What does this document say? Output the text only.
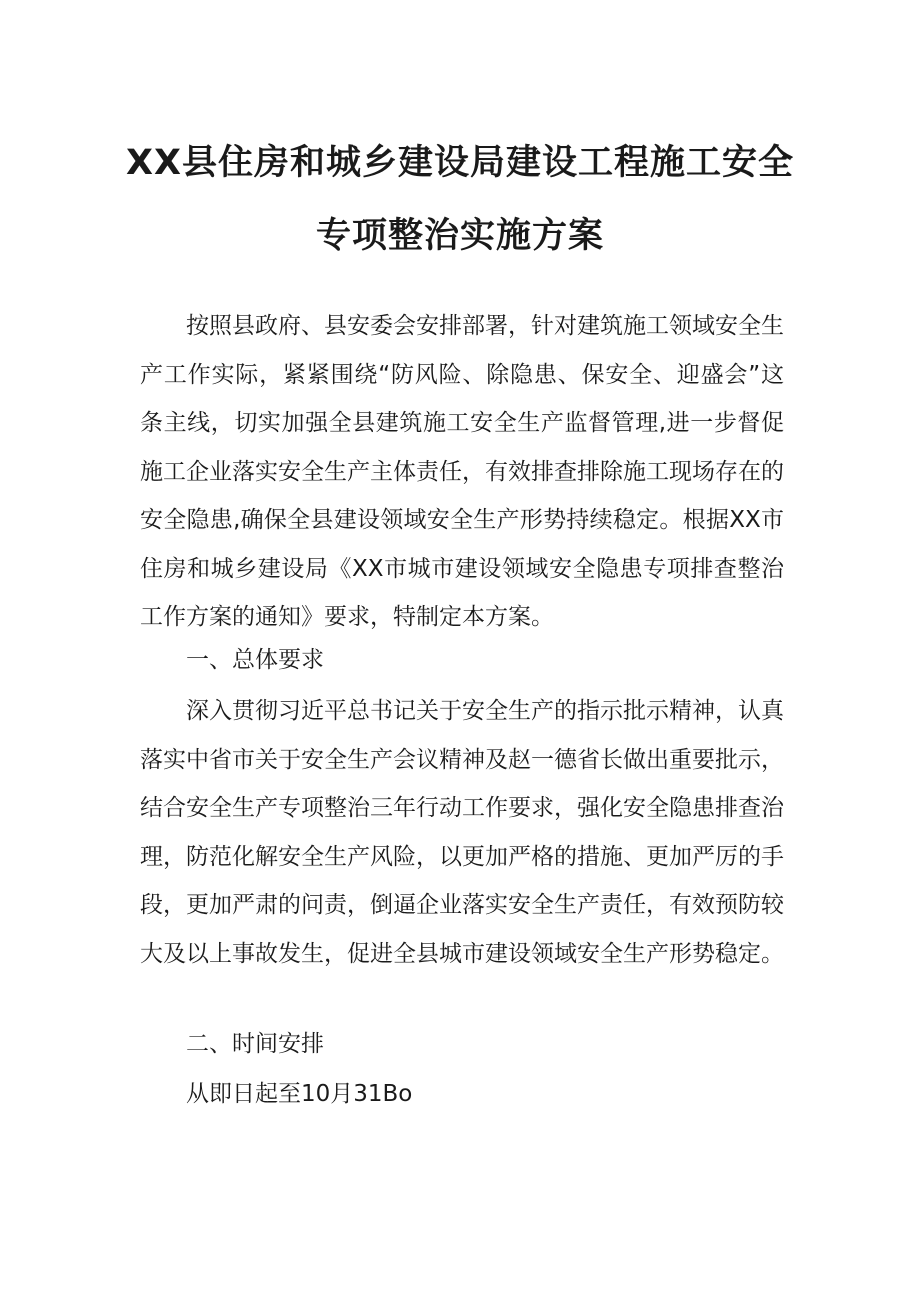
XX县住房和城乡建设局建设工程施工安全
专项整治实施方案

按照县政府、县安委会安排部署，针对建筑施工领域安全生产工作实际，紧紧围绕“防风险、除隐患、保安全、迎盛会”这条主线，切实加强全县建筑施工安全生产监督管理,进一步督促施工企业落实安全生产主体责任，有效排查排除施工现场存在的安全隐患,确保全县建设领域安全生产形势持续稳定。根据XX市住房和城乡建设局《XX市城市建设领域安全隐患专项排查整治工作方案的通知》要求，特制定本方案。

一、总体要求

深入贯彻习近平总书记关于安全生产的指示批示精神，认真落实中省市关于安全生产会议精神及赵一德省长做出重要批示，结合安全生产专项整治三年行动工作要求，强化安全隐患排查治理，防范化解安全生产风险，以更加严格的措施、更加严厉的手段，更加严肃的问责，倒逼企业落实安全生产责任，有效预防较大及以上事故发生，促进全县城市建设领域安全生产形势稳定。

二、时间安排

从即日起至10月31Bo
